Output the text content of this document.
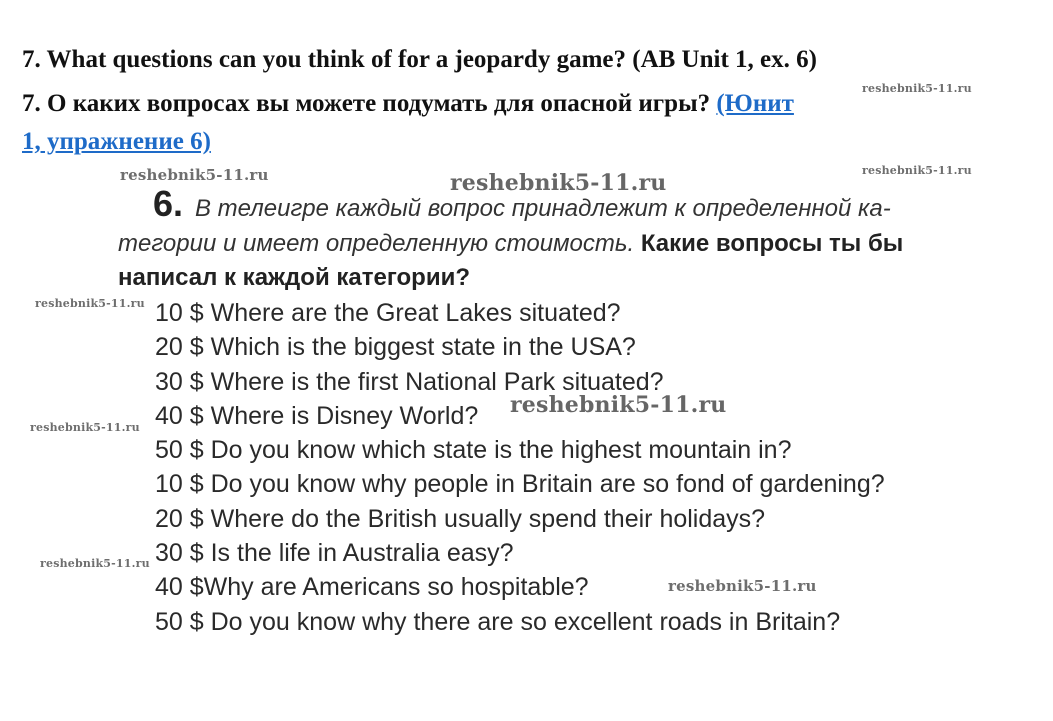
7. What questions can you think of for a jeopardy game? (AB Unit 1, ex. 6)
7. О каких вопросах вы можете подумать для опасной игры? (Юнит
1, упражнение 6)
reshebnik5-11.ru
reshebnik5-11.ru
reshebnik5-11.ru	reshebnik5-11.ru
reshebnik5-11.ru
reshebnik5-11.ru
reshebnik5-11.ru
reshebnik5-11.ru
reshebnik5-11.ru
6. В телеигре каждый вопрос принадлежит к определенной ка-
тегории и имеет определенную стоимость. Какие вопросы ты бы
написал к каждой категории?
10 $ Where are the Great Lakes situated?
20 $ Which is the biggest state in the USA?
30 $ Where is the first National Park situated?
40 $ Where is Disney World?
50 $ Do you know which state is the highest mountain in?
10 $ Do you know why people in Britain are so fond of gardening?
20 $ Where do the British usually spend their holidays?
30 $ Is the life in Australia easy?
40 $Why are Americans so hospitable?
50 $ Do you know why there are so excellent roads in Britain?
